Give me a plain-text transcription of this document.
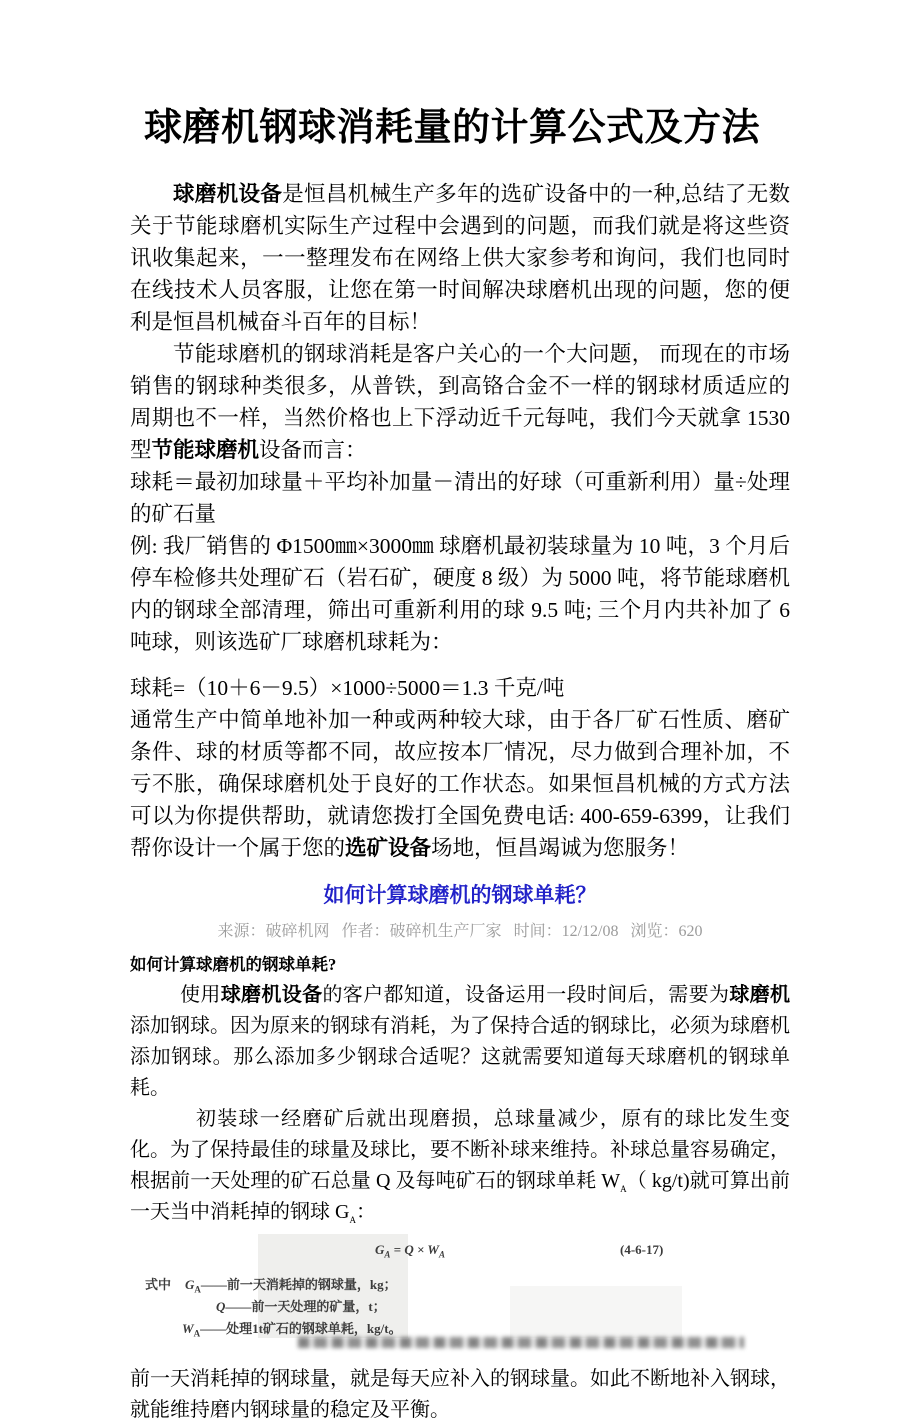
球磨机钢球消耗量的计算公式及方法

球磨机设备是恒昌机械生产多年的选矿设备中的一种,总结了无数关于节能球磨机实际生产过程中会遇到的问题，而我们就是将这些资讯收集起来，一一整理发布在网络上供大家参考和询问，我们也同时在线技术人员客服，让您在第一时间解决球磨机出现的问题，您的便利是恒昌机械奋斗百年的目标！

节能球磨机的钢球消耗是客户关心的一个大问题， 而现在的市场销售的钢球种类很多，从普铁，到高铬合金不一样的钢球材质适应的周期也不一样，当然价格也上下浮动近千元每吨，我们今天就拿 1530 型节能球磨机设备而言：

球耗＝最初加球量＋平均补加量－清出的好球（可重新利用）量÷处理的矿石量

例: 我厂销售的 Φ1500㎜×3000㎜ 球磨机最初装球量为 10 吨，3 个月后停车检修共处理矿石（岩石矿，硬度 8 级）为 5000 吨，将节能球磨机内的钢球全部清理，筛出可重新利用的球 9.5 吨; 三个月内共补加了 6 吨球，则该选矿厂球磨机球耗为：

球耗=（10＋6－9.5）×1000÷5000＝1.3 千克/吨

通常生产中简单地补加一种或两种较大球，由于各厂矿石性质、磨矿条件、球的材质等都不同，故应按本厂情况，尽力做到合理补加，不亏不胀，确保球磨机处于良好的工作状态。如果恒昌机械的方式方法可以为你提供帮助，就请您拨打全国免费电话: 400-659-6399，让我们帮你设计一个属于您的选矿设备场地，恒昌竭诚为您服务！

如何计算球磨机的钢球单耗？

来源：破碎机网 作者：破碎机生产厂家 时间：12/12/08 浏览：620

如何计算球磨机的钢球单耗?

使用球磨机设备的客户都知道，设备运用一段时间后，需要为球磨机添加钢球。因为原来的钢球有消耗，为了保持合适的钢球比，必须为球磨机添加钢球。那么添加多少钢球合适呢？这就需要知道每天球磨机的钢球单耗。

初装球一经磨矿后就出现磨损，总球量减少，原有的球比发生变化。为了保持最佳的球量及球比，要不断补球来维持。补球总量容易确定，根据前一天处理的矿石总量 Q 及每吨矿石的钢球单耗 $W_A$（ kg/t)就可算出前一天当中消耗掉的钢球 $G_A$：

$G_A = Q \times W_A$	(4-6-17)
式中 $G_A——$前一天消耗掉的钢球量，kg；
Q——前一天处理的矿量，t；
$W_A——$处理1t矿石的钢球单耗，kg/t。

前一天消耗掉的钢球量，就是每天应补入的钢球量。如此不断地补入钢球，就能维持磨内钢球量的稳定及平衡。
